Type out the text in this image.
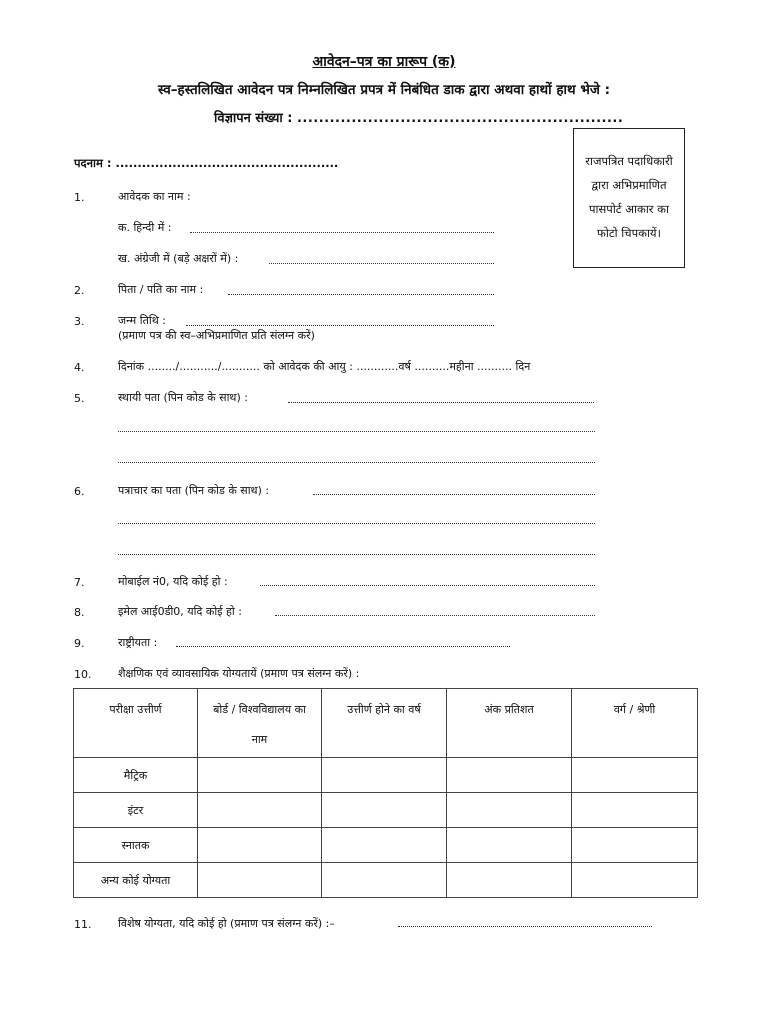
आवेदन–पत्र का प्रारूप (क)
स्व–हस्तलिखित आवेदन पत्र निम्नलिखित प्रपत्र में निबंधित डाक द्वारा अथवा हाथों हाथ भेजे :
विज्ञापन संख्या : ............................................................
राजपत्रित पदाधिकारी
द्वारा अभिप्रमाणित
पासपोर्ट आकार का
फोटो चिपकायें।
पदनाम : ...................................................
1.	आवेदक का नाम :
क. हिन्दी में :
ख. अंग्रेजी में (बड़े अक्षरों में) :
2.	पिता / पति का नाम :
3.	जन्म तिथि :
(प्रमाण पत्र की स्व–अभिप्रमाणित प्रति संलग्न करें)
4.	दिनांक ......../.........../........... को आवेदक की आयु : ............वर्ष ..........महीना .......... दिन
5.	स्थायी पता (पिन कोड के साथ) :
6.	पत्राचार का पता (पिन कोड के साथ) :
7.	मोबाईल नं0, यदि कोई हो :
8.	इमेल आई0डी0, यदि कोई हो :
9.	राष्ट्रीयता :
10. शैक्षणिक एवं व्यावसायिक योग्यतायें (प्रमाण पत्र संलग्न करें) :
परीक्षा उत्तीर्ण	बोर्ड / विश्वविद्यालय का नाम	उत्तीर्ण होने का वर्ष	अंक प्रतिशत	वर्ग / श्रेणी
मैट्रिक				
इंटर				
स्नातक				
अन्य कोई योग्यता				
11. विशेष योग्यता, यदि कोई हो (प्रमाण पत्र संलग्न करें) :–
